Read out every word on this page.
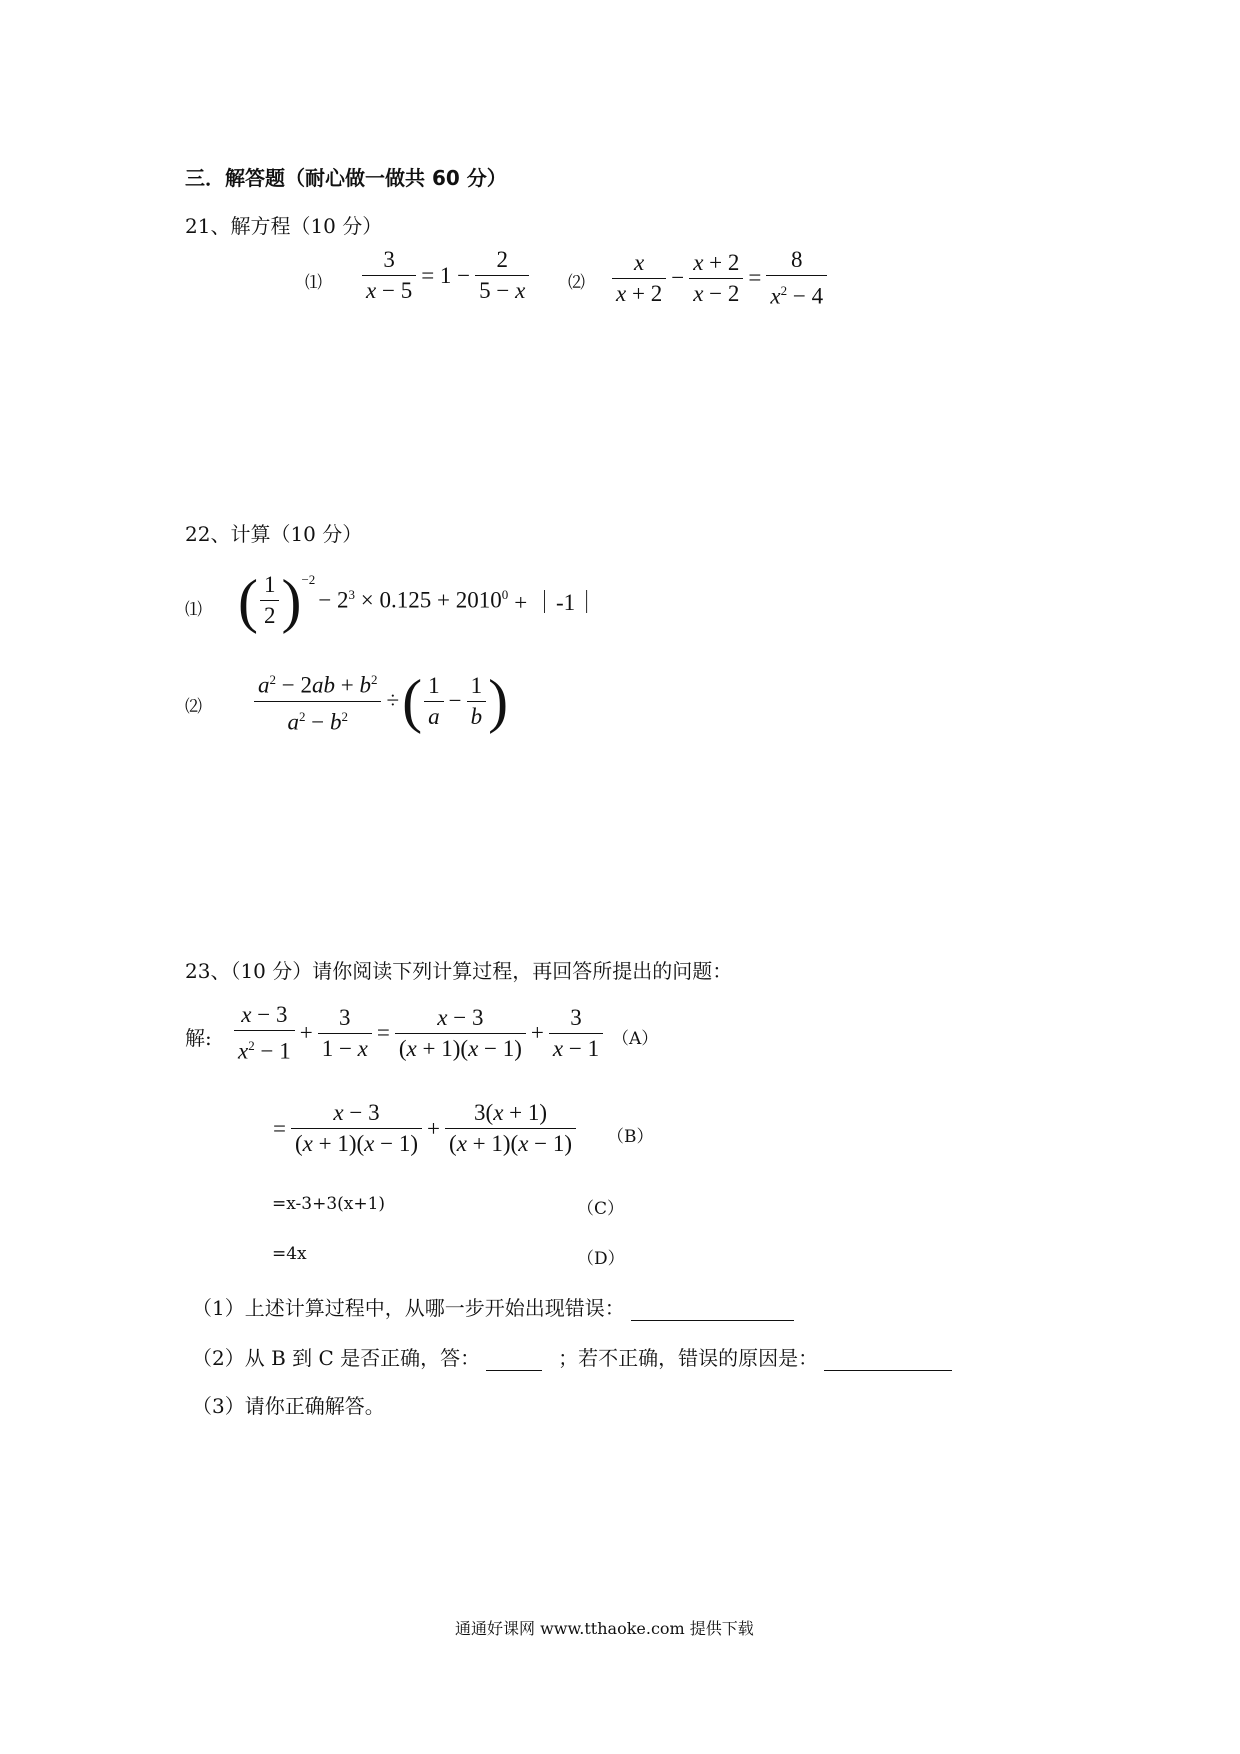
三．解答题（耐心做一做共 60 分）
21、解方程（10 分）
⑴ $\frac{3}{x - 5} = 1 - \frac{2}{5 - x}$ ⑵ $\frac{x}{x + 2} - \frac{x + 2}{x - 2} = \frac{8}{x^2 - 4}$
22、计算（10 分）
⑴ ( $\frac{1}{2} )^{-2}- 2^3 \times 0.125 + 2010^0$ + ｜-1｜
⑵ $\frac{a^2 - 2ab + b^2}{a^2 - b^2}$ ÷( $\frac{1}{a} - \frac{1}{b}$ )
23、（10 分）请你阅读下列计算过程，再回答所提出的问题：
解: $\frac{x - 3}{x^2 - 1} + \frac{3}{1 - x} = \frac{x - 3}{(x + 1)(x - 1)} + \frac{3}{x - 1} (A)$
= $\frac{x - 3}{(x + 1)(x - 1)} + \frac{3(x + 1)}{(x + 1)(x - 1)} (B)$
=x-3+3(x+1)	（C）
=4x	（D）
（1）上述计算过程中，从哪一步开始出现错误：
（2）从 B 到 C 是否正确，答：	；若不正确，错误的原因是：
（3）请你正确解答。
通通好课网 www.tthaoke.com 提供下载
